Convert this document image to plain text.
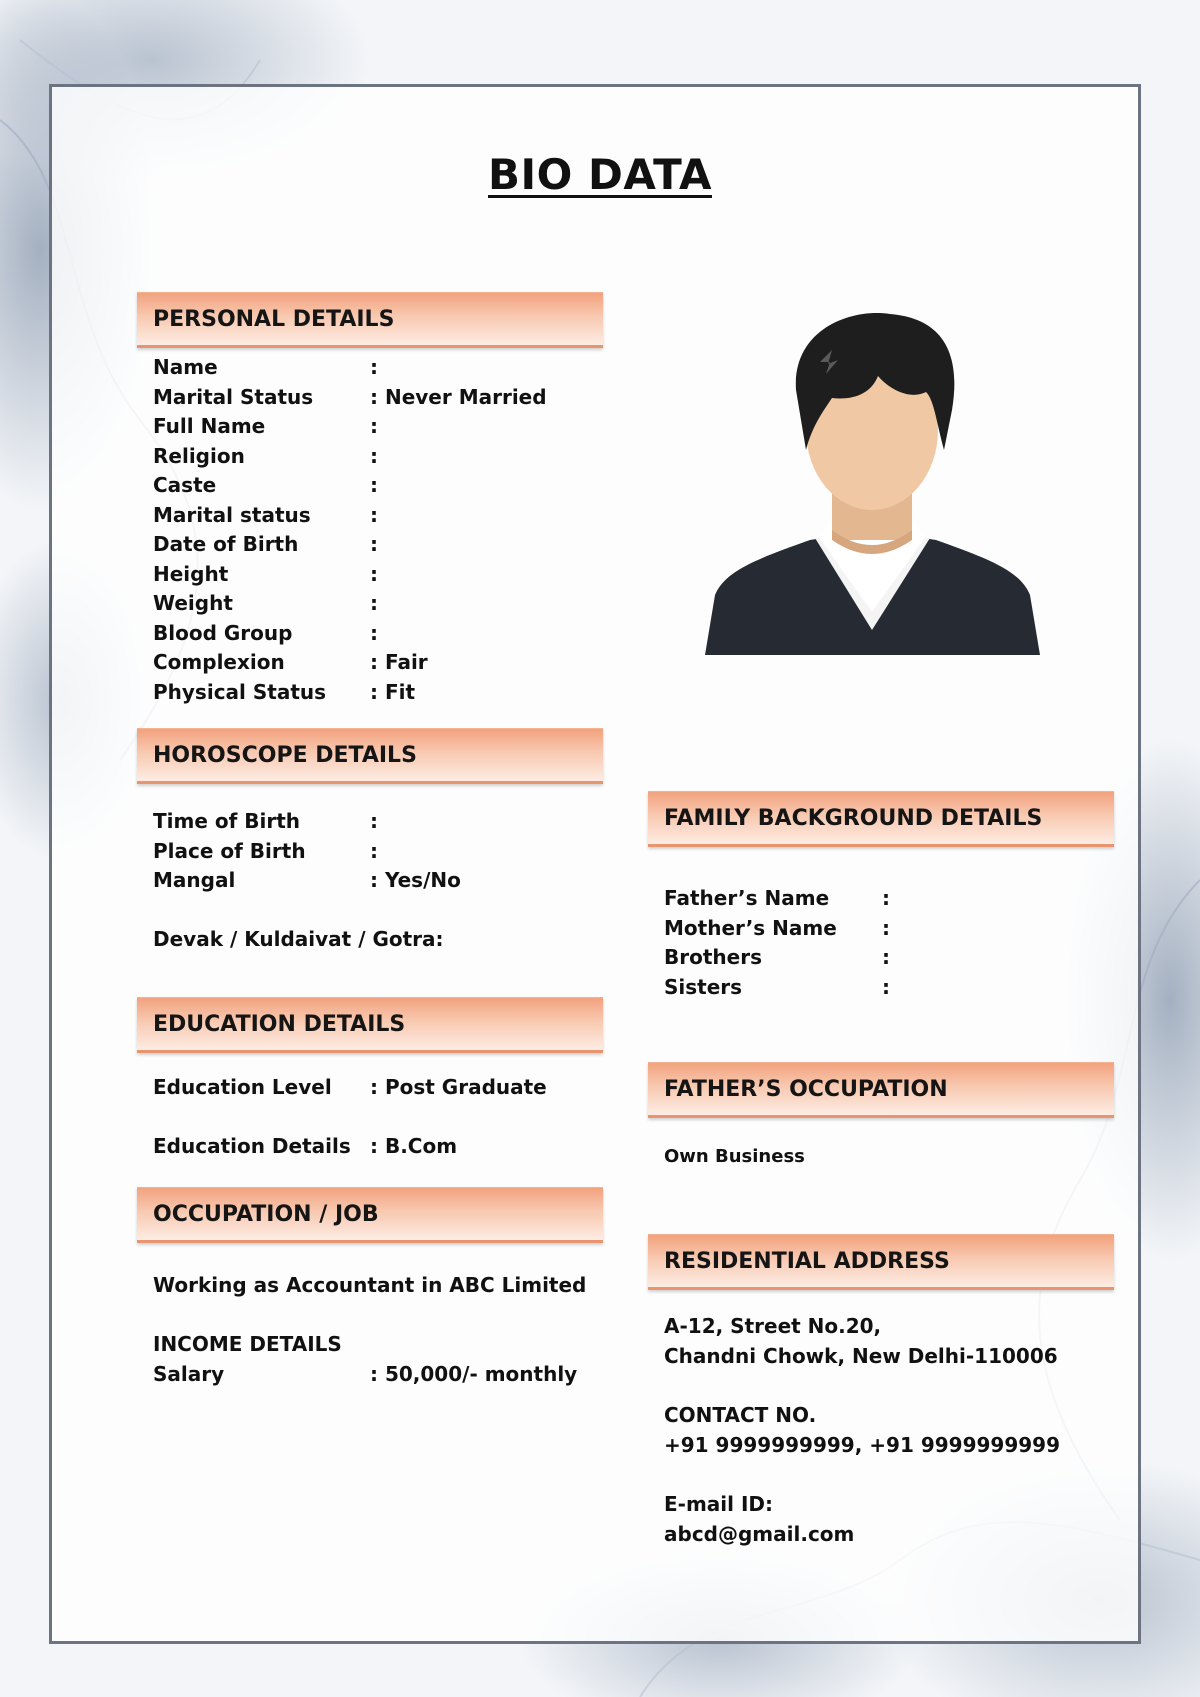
BIO DATA
PERSONAL DETAILS
Name	:
Marital Status	: Never Married
Full Name	:
Religion	:
Caste	:
Marital status	:
Date of Birth	:
Height	:
Weight	:
Blood Group	:
Complexion	: Fair
Physical Status : Fit
HOROSCOPE DETAILS
Time of Birth	:
Place of Birth	:
Mangal	: Yes/No
Devak / Kuldaivat / Gotra:
EDUCATION DETAILS
Education Level : Post Graduate
Education Details : B.Com
OCCUPATION / JOB
Working as Accountant in ABC Limited
INCOME DETAILS
Salary	: 50,000/- monthly
FAMILY BACKGROUND DETAILS
Father’s Name	:
Mother’s Name :
Brothers	:
Sisters	:
FATHER’S OCCUPATION
Own Business
RESIDENTIAL ADDRESS
A-12, Street No.20,
Chandni Chowk, New Delhi-110006
CONTACT NO.
+91 9999999999, +91 9999999999
E-mail ID:
abcd@gmail.com
